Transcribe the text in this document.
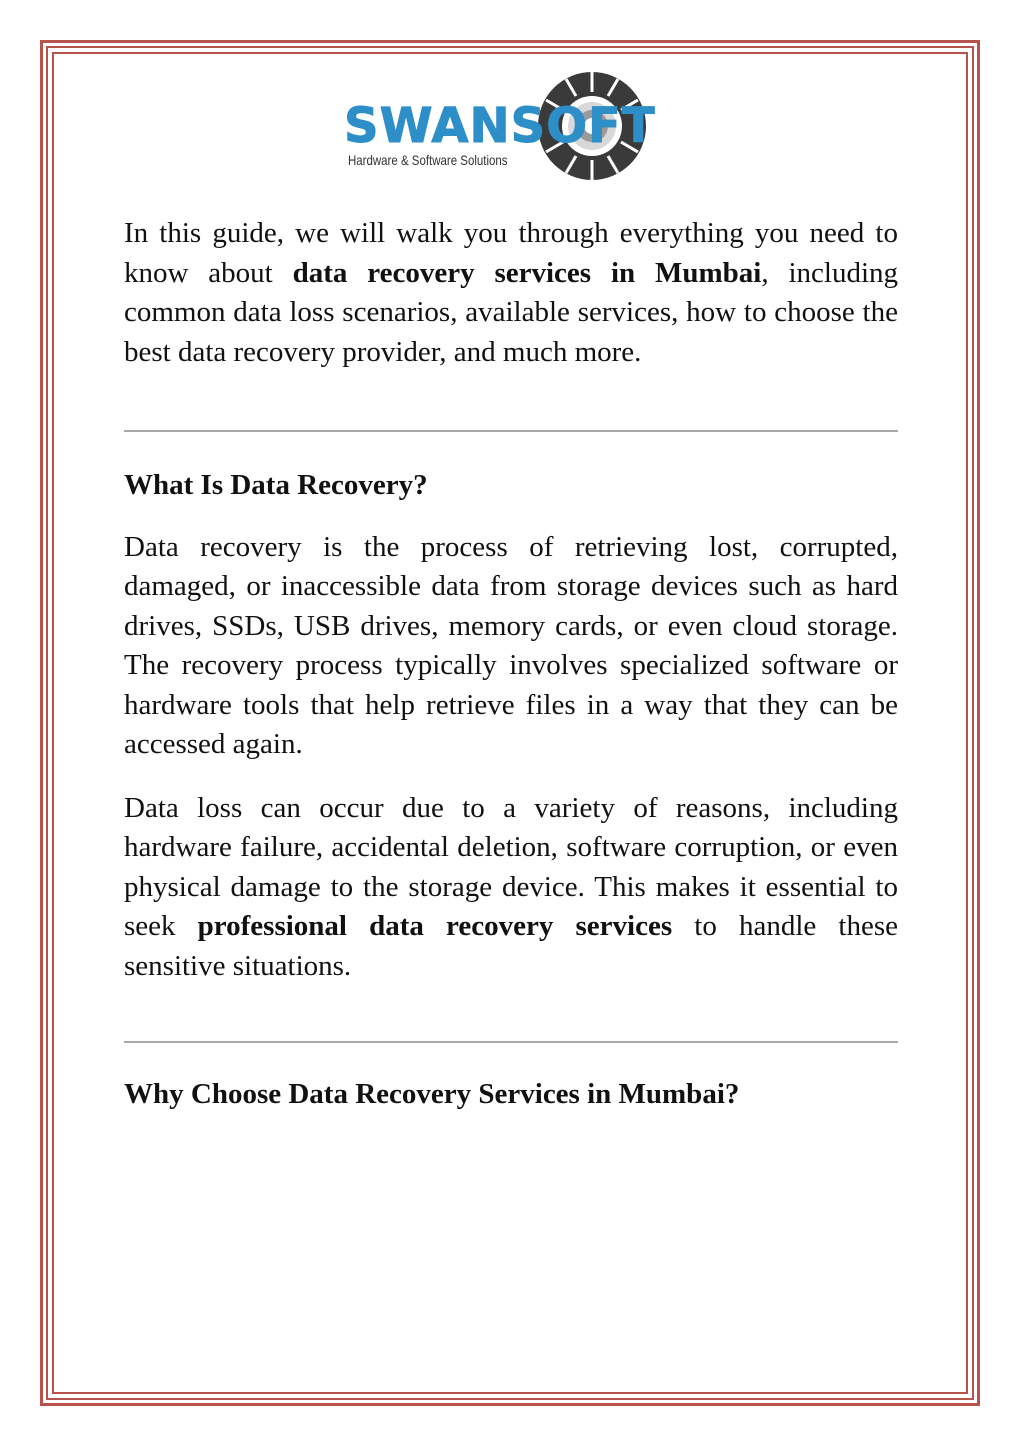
SWANSOFT
Hardware & Software Solutions

In this guide, we will walk you through everything you need to know about data recovery services in Mumbai, including common data loss scenarios, available services, how to choose the best data recovery provider, and much more.

What Is Data Recovery?

Data recovery is the process of retrieving lost, corrupted, damaged, or inaccessible data from storage devices such as hard drives, SSDs, USB drives, memory cards, or even cloud storage. The recovery process typically involves specialized software or hardware tools that help retrieve files in a way that they can be accessed again.

Data loss can occur due to a variety of reasons, including hardware failure, accidental deletion, software corruption, or even physical damage to the storage device. This makes it essential to seek professional data recovery services to handle these sensitive situations.

Why Choose Data Recovery Services in Mumbai?
